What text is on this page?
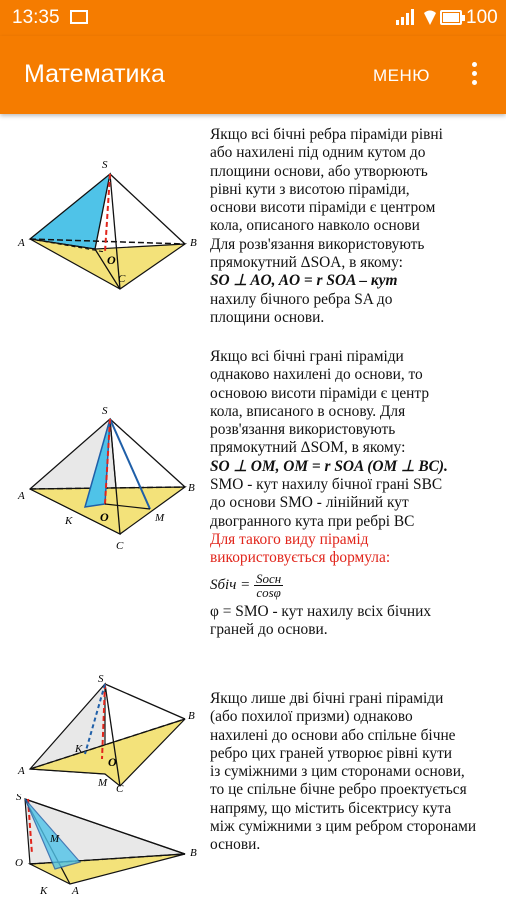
13:35	100
Математика	МЕНЮ
S
A	B
C
O

Якщо всі бічні ребра піраміди рівні

або нахилені під одним кутом до

площини основи, або утворюють

рівні кути з висотою піраміди,

основи висоти піраміди є центром

кола, описаного навколо основи

Для розв'язання використовують

прямокутний ΔSOA, в якому:

SO ⊥ AO, AO = r SOA – кут

нахилу бічного ребра SA до

площини основи.

S
A
B
C
O
K	M

Якщо всі бічні грані піраміди

однаково нахилені до основи, то

основою висоти піраміди є центр

кола, вписаного в основу. Для

розв'язання використовують

прямокутний ΔSOM, в якому:

SO ⊥ OM, OM = r SOA (OM ⊥ BC).

SMO - кут нахилу бічної грані SBC

до основи SMO - лінійний кут

двогранного кута при ребрі BC

Для такого виду пірамід

використовується формула:

Sбіч = $\frac{\text{Sосн}}{\cos\varphi}$

φ = SMO - кут нахилу всіх бічних

граней до основи.

S
A
B
C
O
K
M
S
O
M
K A
B

Якщо лише дві бічні грані піраміди

(або похилої призми) однаково

нахилені до основи або спільне бічне

ребро цих граней утворює рівні кути

із суміжними з цим сторонами основи,

то це спільне бічне ребро проектується

напряму, що містить бісектрису кута

між суміжними з цим ребром сторонами

основи.
